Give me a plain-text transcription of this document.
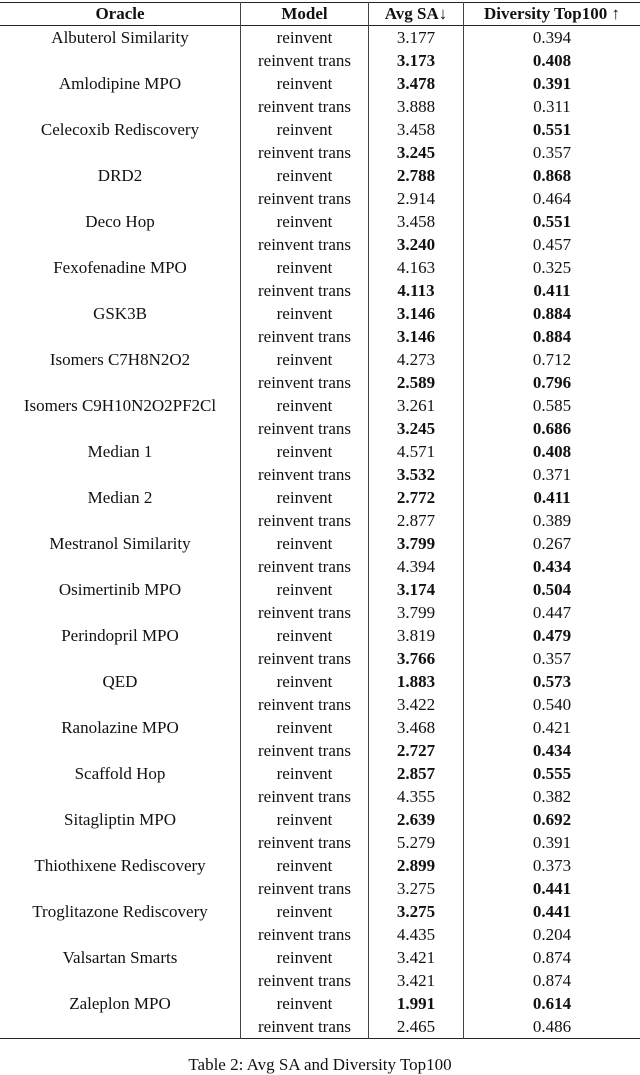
Oracle	Model	Avg SA↓	Diversity Top100 ↑
Albuterol Similarity	reinvent	3.177	0.394
	reinvent trans	3.173	0.408
Amlodipine MPO	reinvent	3.478	0.391
	reinvent trans	3.888	0.311
Celecoxib Rediscovery	reinvent	3.458	0.551
	reinvent trans	3.245	0.357
DRD2	reinvent	2.788	0.868
	reinvent trans	2.914	0.464
Deco Hop	reinvent	3.458	0.551
	reinvent trans	3.240	0.457
Fexofenadine MPO	reinvent	4.163	0.325
	reinvent trans	4.113	0.411
GSK3B	reinvent	3.146	0.884
	reinvent trans	3.146	0.884
Isomers C7H8N2O2	reinvent	4.273	0.712
	reinvent trans	2.589	0.796
Isomers C9H10N2O2PF2Cl	reinvent	3.261	0.585
	reinvent trans	3.245	0.686
Median 1	reinvent	4.571	0.408
	reinvent trans	3.532	0.371
Median 2	reinvent	2.772	0.411
	reinvent trans	2.877	0.389
Mestranol Similarity	reinvent	3.799	0.267
	reinvent trans	4.394	0.434
Osimertinib MPO	reinvent	3.174	0.504
	reinvent trans	3.799	0.447
Perindopril MPO	reinvent	3.819	0.479
	reinvent trans	3.766	0.357
QED	reinvent	1.883	0.573
	reinvent trans	3.422	0.540
Ranolazine MPO	reinvent	3.468	0.421
	reinvent trans	2.727	0.434
Scaffold Hop	reinvent	2.857	0.555
	reinvent trans	4.355	0.382
Sitagliptin MPO	reinvent	2.639	0.692
	reinvent trans	5.279	0.391
Thiothixene Rediscovery	reinvent	2.899	0.373
	reinvent trans	3.275	0.441
Troglitazone Rediscovery	reinvent	3.275	0.441
	reinvent trans	4.435	0.204
Valsartan Smarts	reinvent	3.421	0.874
	reinvent trans	3.421	0.874
Zaleplon MPO	reinvent	1.991	0.614
	reinvent trans	2.465	0.486
Table 2: Avg SA and Diversity Top100
